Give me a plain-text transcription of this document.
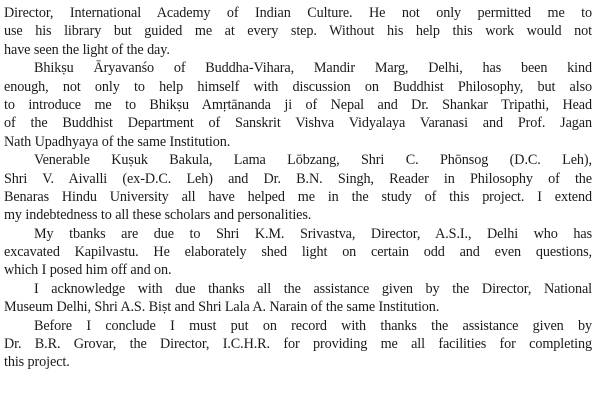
Director, International Academy of Indian Culture. He not only permitted me to
use his library but guided me at every step. Without his help this work would not
have seen the light of the day.
Bhikṣu Āryavanśo of Buddha-Vihara, Mandir Marg, Delhi, has been kind
enough, not only to help himself with discussion on Buddhist Philosophy, but also
to introduce me to Bhikṣu Amṛtānanda ji of Nepal and Dr. Shankar Tripathi, Head
of the Buddhist Department of Sanskrit Vishva Vidyalaya Varanasi and Prof. Jagan
Nath Upadhyaya of the same Institution.
Venerable Kuṣuk Bakula, Lama Lōbzang, Shri C. Phōnsog (D.C. Leh),
Shri V. Aivalli (ex-D.C. Leh) and Dr. B.N. Singh, Reader in Philosophy of the
Benaras Hindu University all have helped me in the study of this project. I extend
my indebtedness to all these scholars and personalities.
My tbanks are due to Shri K.M. Srivastva, Director, A.S.I., Delhi who has
excavated Kapilvastu. He elaborately shed light on certain odd and even questions,
which I posed him off and on.
I acknowledge with due thanks all the assistance given by the Director, National
Museum Delhi, Shri A.S. Biṣt and Shri Lala A. Narain of the same Institution.
Before I conclude I must put on record with thanks the assistance given by
Dr. B.R. Grovar, the Director, I.C.H.R. for providing me all facilities for completing
this project.
